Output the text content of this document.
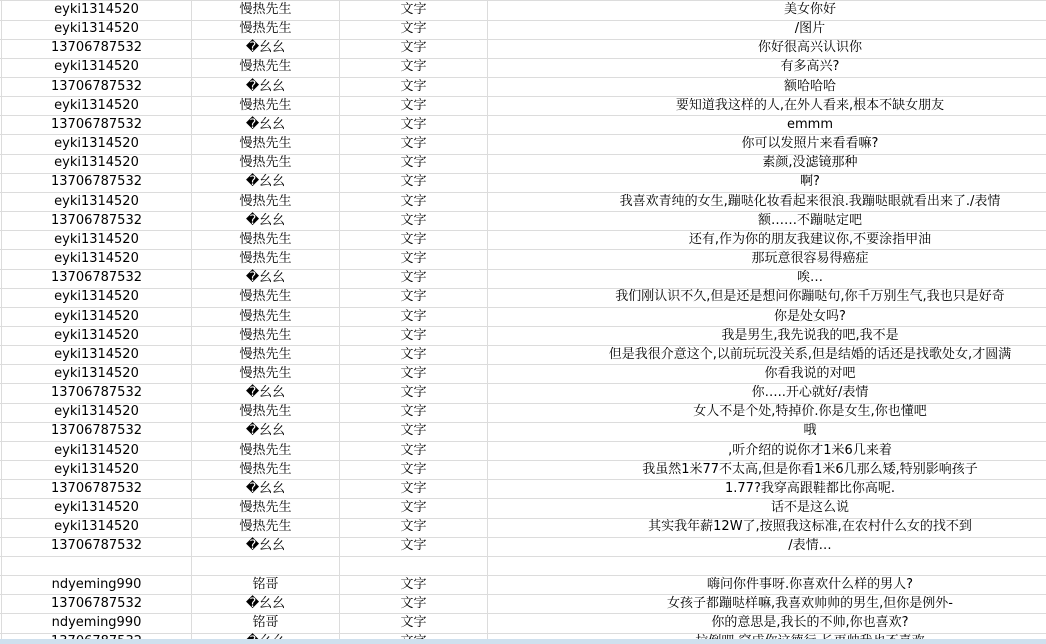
eyki1314520	慢热先生	文字	美女你好
eyki1314520	慢热先生	文字	/图片
13706787532	�幺幺	文字	你好很高兴认识你
eyki1314520	慢热先生	文字	有多高兴?
13706787532	�幺幺	文字	额哈哈哈
eyki1314520	慢热先生	文字	要知道我这样的人,在外人看来,根本不缺女朋友
13706787532	�幺幺	文字	emmm
eyki1314520	慢热先生	文字	你可以发照片来看看嘛?
eyki1314520	慢热先生	文字	素颜,没滤镜那种
13706787532	�幺幺	文字	啊?
eyki1314520	慢热先生	文字	我喜欢青纯的女生,蹦哒化妆看起来很浪.我蹦哒眼就看出来了./表情
13706787532	�幺幺	文字	额……不蹦哒定吧
eyki1314520	慢热先生	文字	还有,作为你的朋友我建议你,不要涂指甲油
eyki1314520	慢热先生	文字	那玩意很容易得癌症
13706787532	�幺幺	文字	唉…
eyki1314520	慢热先生	文字	我们刚认识不久,但是还是想问你蹦哒句,你千万别生气,我也只是好奇
eyki1314520	慢热先生	文字	你是处女吗?
eyki1314520	慢热先生	文字	我是男生,我先说我的吧,我不是
eyki1314520	慢热先生	文字	但是我很介意这个,以前玩玩没关系,但是结婚的话还是找歌处女,才圆满
eyki1314520	慢热先生	文字	你看我说的对吧
13706787532	�幺幺	文字	你…..开心就好/表情
eyki1314520	慢热先生	文字	女人不是个处,特掉价.你是女生,你也懂吧
13706787532	�幺幺	文字	哦
eyki1314520	慢热先生	文字	,听介绍的说你才1米6几来着
eyki1314520	慢热先生	文字	我虽然1米77不太高,但是你看1米6几那么矮,特别影响孩子
13706787532	�幺幺	文字	1.77?我穿高跟鞋都比你高呢.
eyki1314520	慢热先生	文字	话不是这么说
eyki1314520	慢热先生	文字	其实我年薪12W了,按照我这标准,在农村什么女的找不到
13706787532	�幺幺	文字	/表情…
ndyeming990	铭哥	文字	嗨问你件事呀.你喜欢什么样的男人?
13706787532	�幺幺	文字	女孩子都蹦哒样嘛,我喜欢帅帅的男生,但你是例外-
ndyeming990	铭哥	文字	你的意思是,我长的不帅,你也喜欢?
